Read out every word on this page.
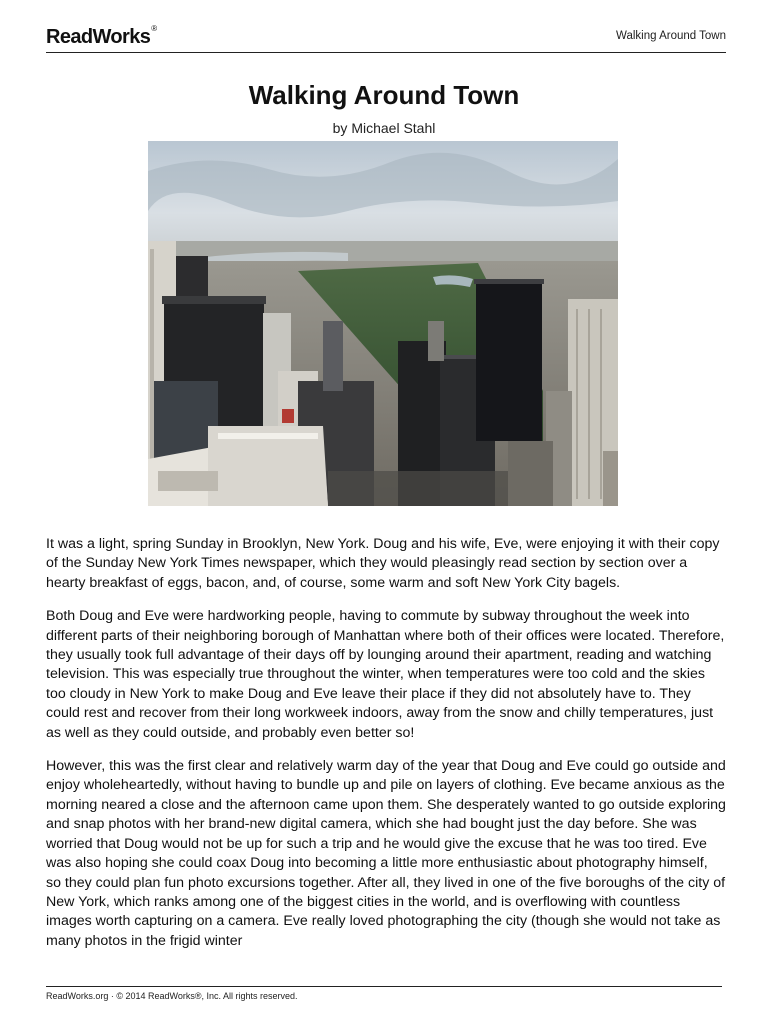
ReadWorks®
Walking Around Town
Walking Around Town
by Michael Stahl

It was a light, spring Sunday in Brooklyn, New York. Doug and his wife, Eve, were enjoying it with their copy of the Sunday New York Times newspaper, which they would pleasingly read section by section over a hearty breakfast of eggs, bacon, and, of course, some warm and soft New York City bagels.

Both Doug and Eve were hardworking people, having to commute by subway throughout the week into different parts of their neighboring borough of Manhattan where both of their offices were located. Therefore, they usually took full advantage of their days off by lounging around their apartment, reading and watching television. This was especially true throughout the winter, when temperatures were too cold and the skies too cloudy in New York to make Doug and Eve leave their place if they did not absolutely have to. They could rest and recover from their long workweek indoors, away from the snow and chilly temperatures, just as well as they could outside, and probably even better so!

However, this was the first clear and relatively warm day of the year that Doug and Eve could go outside and enjoy wholeheartedly, without having to bundle up and pile on layers of clothing. Eve became anxious as the morning neared a close and the afternoon came upon them. She desperately wanted to go outside exploring and snap photos with her brand-new digital camera, which she had bought just the day before. She was worried that Doug would not be up for such a trip and he would give the excuse that he was too tired. Eve was also hoping she could coax Doug into becoming a little more enthusiastic about photography himself, so they could plan fun photo excursions together. After all, they lived in one of the five boroughs of the city of New York, which ranks among one of the biggest cities in the world, and is overflowing with countless images worth capturing on a camera. Eve really loved photographing the city (though she would not take as many photos in the frigid winter

ReadWorks.org · © 2014 ReadWorks®, Inc. All rights reserved.
